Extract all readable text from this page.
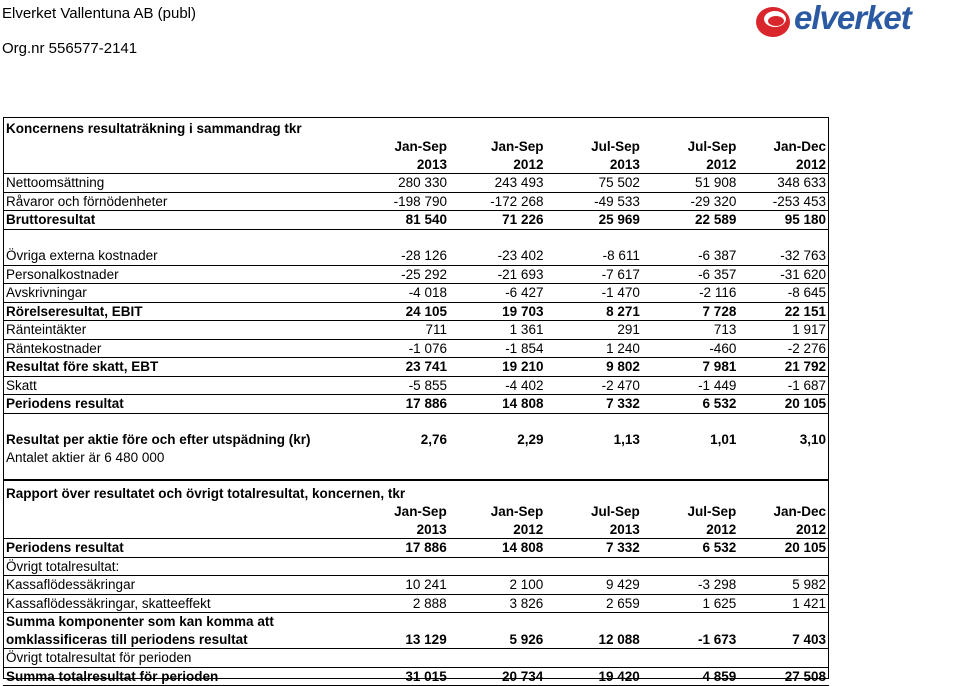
Elverket Vallentuna AB (publ)
Org.nr 556577-2141
elverket
Koncernens resultaträkning i sammandrag tkr
	Jan-Sep	Jan-Sep	Jul-Sep	Jul-Sep	Jan-Dec
	2013	2012	2013	2012	2012
Nettoomsättning	280 330	243 493	75 502	51 908	348 633
Råvaror och förnödenheter	-198 790	-172 268	-49 533	-29 320	-253 453
Bruttoresultat	81 540	71 226	25 969	22 589	95 180

Övriga externa kostnader	-28 126	-23 402	-8 611	-6 387	-32 763
Personalkostnader	-25 292	-21 693	-7 617	-6 357	-31 620
Avskrivningar	-4 018	-6 427	-1 470	-2 116	-8 645
Rörelseresultat, EBIT	24 105	19 703	8 271	7 728	22 151
Ränteintäkter	711	1 361	291	713	1 917
Räntekostnader	-1 076	-1 854	1 240	-460	-2 276
Resultat före skatt, EBT	23 741	19 210	9 802	7 981	21 792
Skatt	-5 855	-4 402	-2 470	-1 449	-1 687
Periodens resultat	17 886	14 808	7 332	6 532	20 105

Resultat per aktie före och efter utspädning (kr)	2,76	2,29	1,13	1,01	3,10
Antalet aktier är 6 480 000					
Rapport över resultatet och övrigt totalresultat, koncernen, tkr
	Jan-Sep	Jan-Sep	Jul-Sep	Jul-Sep	Jan-Dec
	2013	2012	2013	2012	2012
Periodens resultat	17 886	14 808	7 332	6 532	20 105
Övrigt totalresultat:					
Kassaflödessäkringar	10 241	2 100	9 429	-3 298	5 982
Kassaflödessäkringar, skatteeffekt	2 888	3 826	2 659	1 625	1 421
Summa komponenter som kan komma att					
omklassificeras till periodens resultat	13 129	5 926	12 088	-1 673	7 403
Övrigt totalresultat för perioden					
Summa totalresultat för perioden	31 015	20 734	19 420	4 859	27 508
